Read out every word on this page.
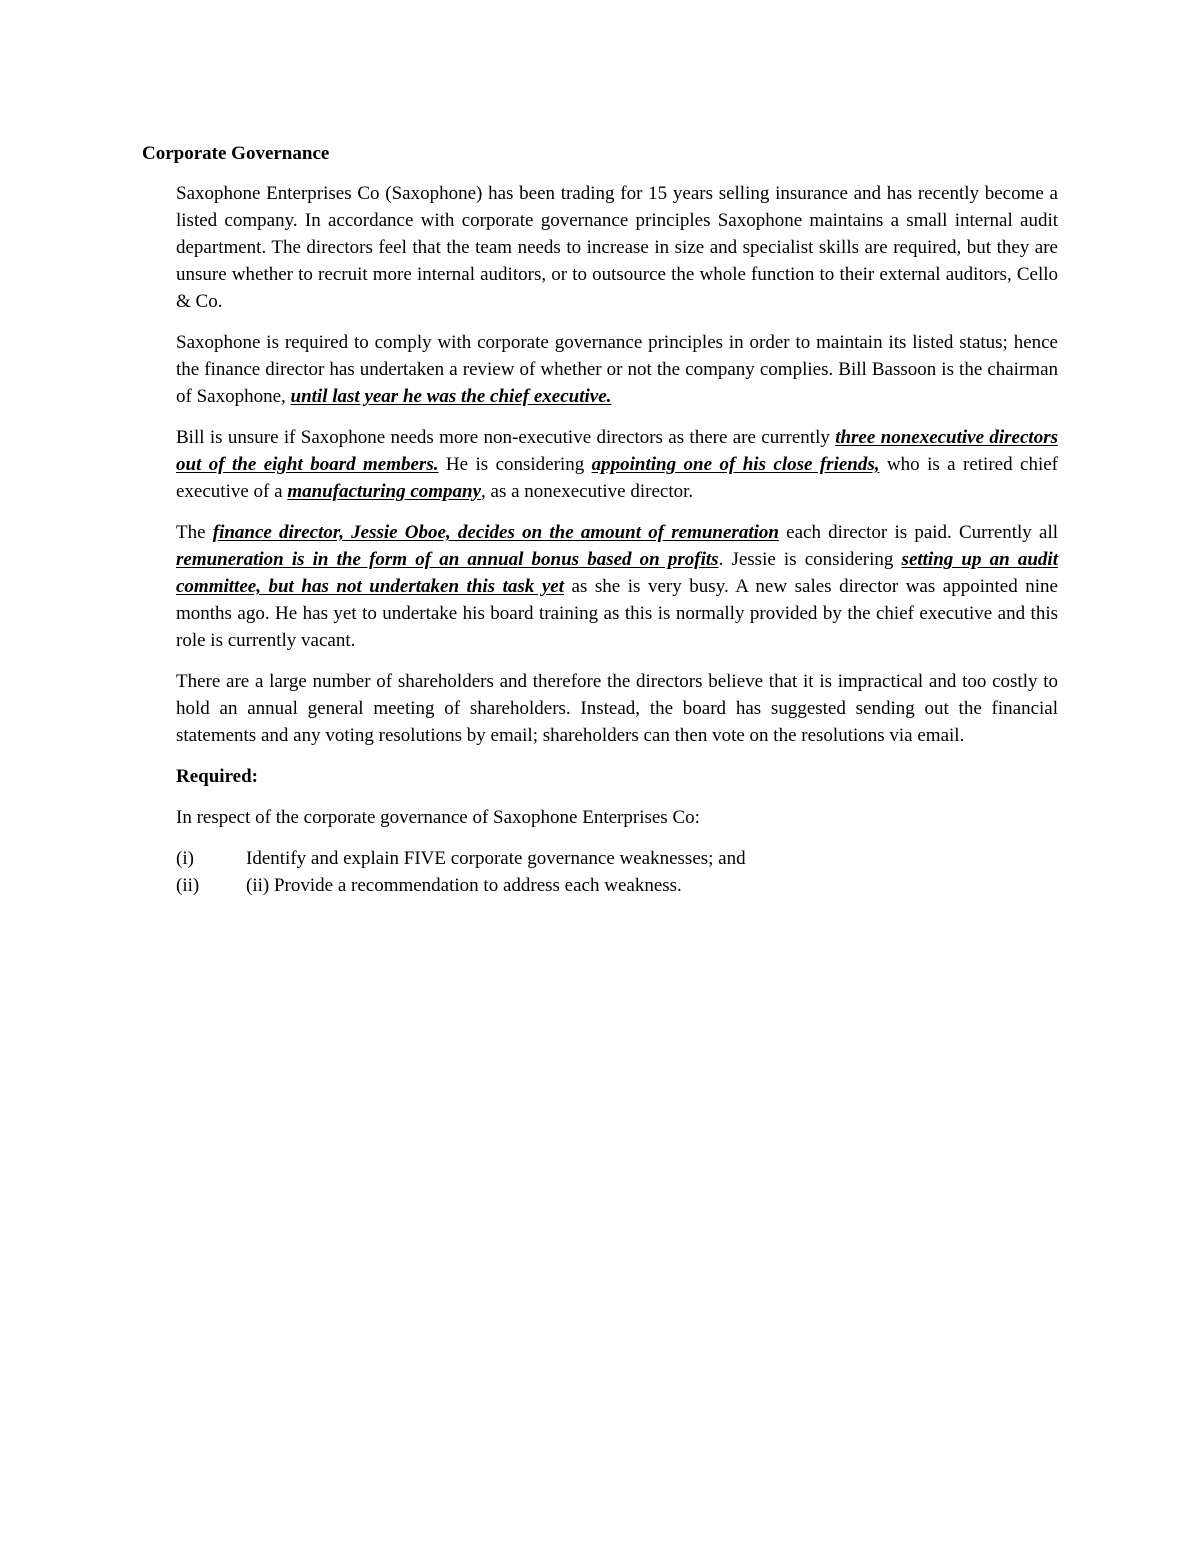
Corporate Governance

Saxophone Enterprises Co (Saxophone) has been trading for 15 years selling insurance and has recently become a listed company. In accordance with corporate governance principles Saxophone maintains a small internal audit department. The directors feel that the team needs to increase in size and specialist skills are required, but they are unsure whether to recruit more internal auditors, or to outsource the whole function to their external auditors, Cello & Co.

Saxophone is required to comply with corporate governance principles in order to maintain its listed status; hence the finance director has undertaken a review of whether or not the company complies. Bill Bassoon is the chairman of Saxophone, until last year he was the chief executive.

Bill is unsure if Saxophone needs more non-executive directors as there are currently three nonexecutive directors out of the eight board members. He is considering appointing one of his close friends, who is a retired chief executive of a manufacturing company, as a nonexecutive director.

The finance director, Jessie Oboe, decides on the amount of remuneration each director is paid. Currently all remuneration is in the form of an annual bonus based on profits. Jessie is considering setting up an audit committee, but has not undertaken this task yet as she is very busy. A new sales director was appointed nine months ago. He has yet to undertake his board training as this is normally provided by the chief executive and this role is currently vacant.

There are a large number of shareholders and therefore the directors believe that it is impractical and too costly to hold an annual general meeting of shareholders. Instead, the board has suggested sending out the financial statements and any voting resolutions by email; shareholders can then vote on the resolutions via email.

Required:
In respect of the corporate governance of Saxophone Enterprises Co:
(i)	Identify and explain FIVE corporate governance weaknesses; and
(ii)	(ii) Provide a recommendation to address each weakness.
